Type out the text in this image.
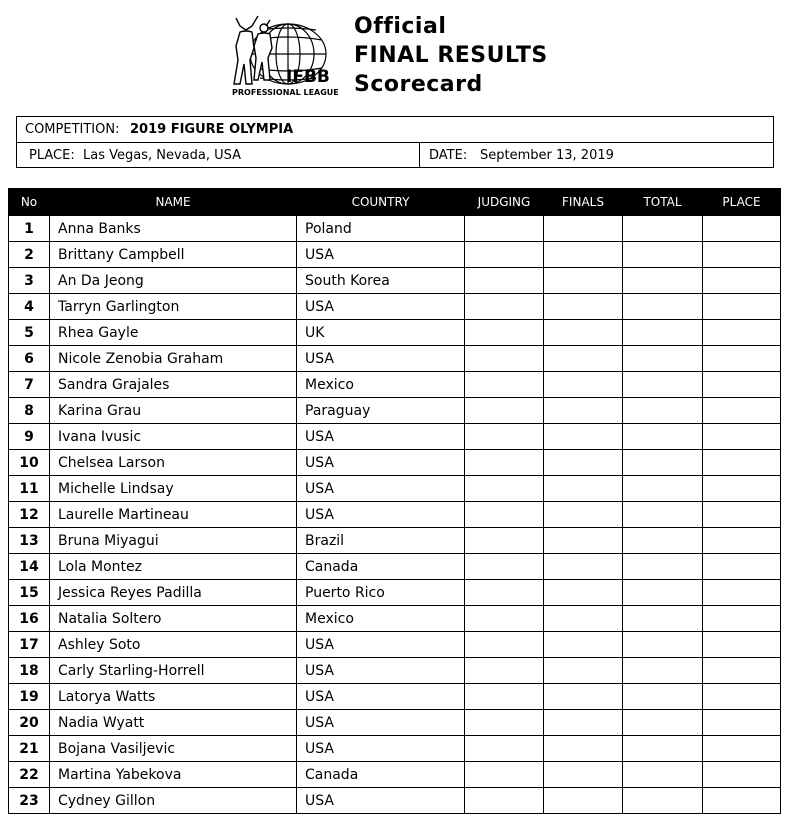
IFBB
PROFESSIONAL LEAGUE
Official
FINAL RESULTS
Scorecard
COMPETITION: 2019 FIGURE OLYMPIA
PLACE: Las Vegas, Nevada, USA	DATE: September 13, 2019
No	NAME	COUNTRY	JUDGING	FINALS	TOTAL	PLACE
1	Anna Banks	Poland				
2	Brittany Campbell	USA				
3	An Da Jeong	South Korea				
4	Tarryn Garlington	USA				
5	Rhea Gayle	UK				
6	Nicole Zenobia Graham	USA				
7	Sandra Grajales	Mexico				
8	Karina Grau	Paraguay				
9	Ivana Ivusic	USA				
10	Chelsea Larson	USA				
11	Michelle Lindsay	USA				
12	Laurelle Martineau	USA				
13	Bruna Miyagui	Brazil				
14	Lola Montez	Canada				
15	Jessica Reyes Padilla	Puerto Rico				
16	Natalia Soltero	Mexico				
17	Ashley Soto	USA				
18	Carly Starling-Horrell	USA				
19	Latorya Watts	USA				
20	Nadia Wyatt	USA				
21	Bojana Vasiljevic	USA				
22	Martina Yabekova	Canada				
23	Cydney Gillon	USA				
